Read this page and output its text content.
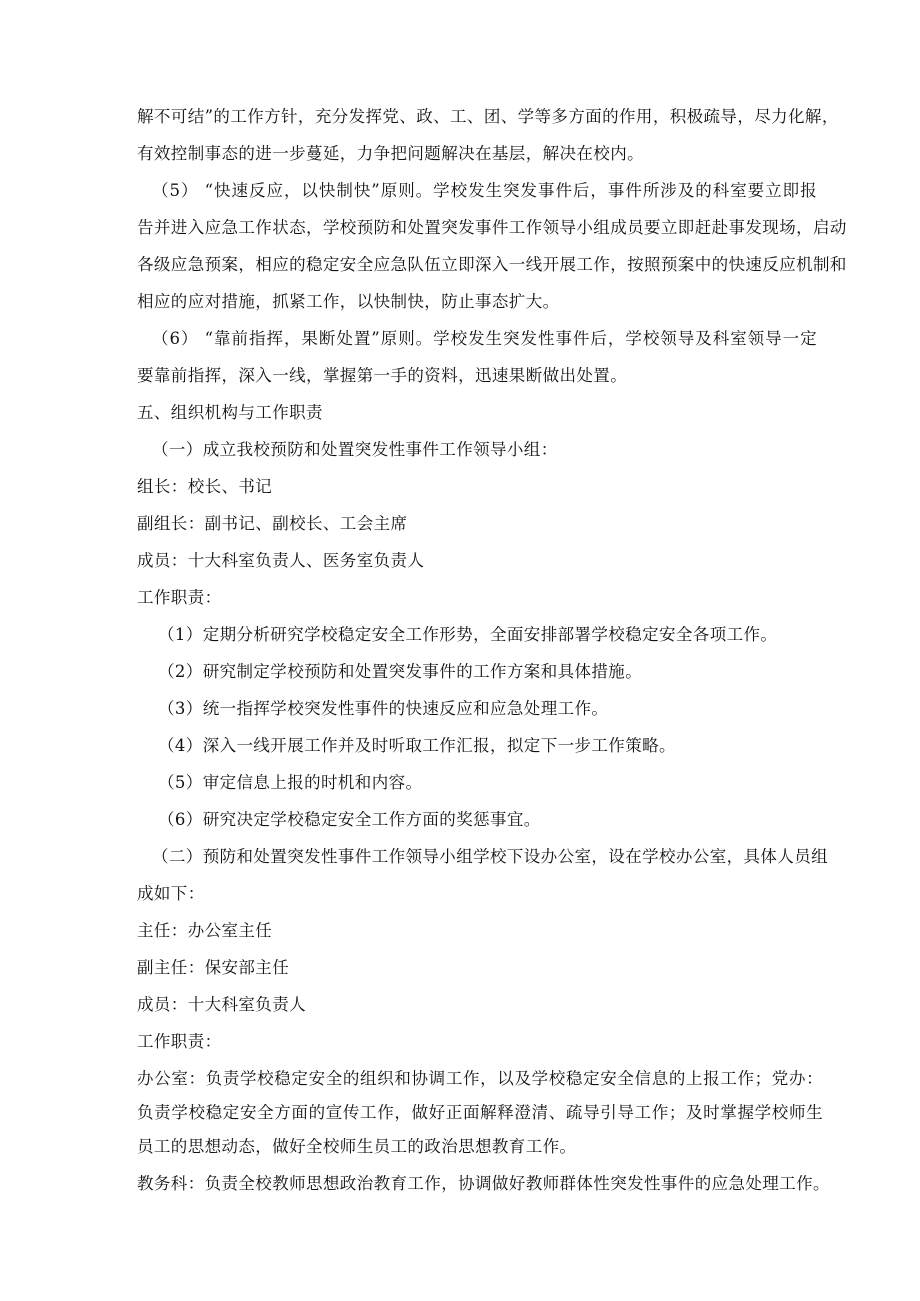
解不可结”的工作方针，充分发挥党、政、工、团、学等多方面的作用，积极疏导，尽力化解，
有效控制事态的进一步蔓延，力争把问题解决在基层，解决在校内。
（5） “快速反应，以快制快”原则。学校发生突发事件后，事件所涉及的科室要立即报
告并进入应急工作状态，学校预防和处置突发事件工作领导小组成员要立即赶赴事发现场，启动
各级应急预案，相应的稳定安全应急队伍立即深入一线开展工作，按照预案中的快速反应机制和
相应的应对措施，抓紧工作，以快制快，防止事态扩大。
（6） “靠前指挥，果断处置”原则。学校发生突发性事件后，学校领导及科室领导一定
要靠前指挥，深入一线，掌握第一手的资料，迅速果断做出处置。
五、组织机构与工作职责
（一）成立我校预防和处置突发性事件工作领导小组：
组长：校长、书记
副组长：副书记、副校长、工会主席
成员：十大科室负责人、医务室负责人
工作职责：
（1）定期分析研究学校稳定安全工作形势，全面安排部署学校稳定安全各项工作。
（2）研究制定学校预防和处置突发事件的工作方案和具体措施。
（3）统一指挥学校突发性事件的快速反应和应急处理工作。
（4）深入一线开展工作并及时听取工作汇报，拟定下一步工作策略。
（5）审定信息上报的时机和内容。
（6）研究决定学校稳定安全工作方面的奖惩事宜。
（二）预防和处置突发性事件工作领导小组学校下设办公室，设在学校办公室，具体人员组
成如下：
主任：办公室主任
副主任：保安部主任
成员：十大科室负责人
工作职责：
办公室：负责学校稳定安全的组织和协调工作，以及学校稳定安全信息的上报工作；党办：
负责学校稳定安全方面的宣传工作，做好正面解释澄清、疏导引导工作；及时掌握学校师生
员工的思想动态，做好全校师生员工的政治思想教育工作。
教务科：负责全校教师思想政治教育工作，协调做好教师群体性突发性事件的应急处理工作。
